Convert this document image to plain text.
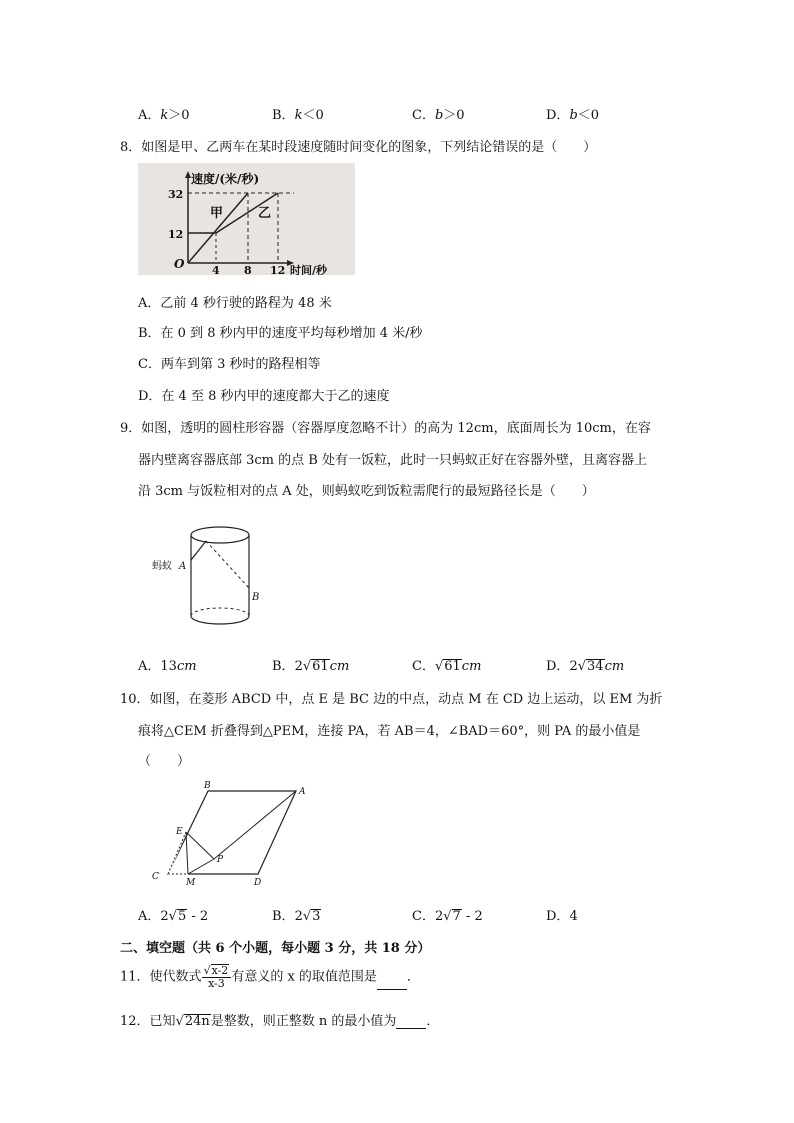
A．k＞0	B．k＜0	C．b＞0	D．b＜0
8．如图是甲、乙两车在某时段速度随时间变化的图象，下列结论错误的是（　　）
速度/(米/秒)
32
12
O	4 8 12 时间/秒
甲	乙
A．乙前 4 秒行驶的路程为 48 米
B．在 0 到 8 秒内甲的速度平均每秒增加 4 米/秒
C．两车到第 3 秒时的路程相等
D．在 4 至 8 秒内甲的速度都大于乙的速度
9．如图，透明的圆柱形容器（容器厚度忽略不计）的高为 12cm，底面周长为 10cm，在容
器内壁离容器底部 3cm 的点 B 处有一饭粒，此时一只蚂蚁正好在容器外壁，且离容器上
沿 3cm 与饭粒相对的点 A 处，则蚂蚁吃到饭粒需爬行的最短路径长是（　　）
蚂蚁 A
B
A．13cm	B．2√61cm	C．√61cm	D．2√34cm
10．如图，在菱形 ABCD 中，点 E 是 BC 边的中点，动点 M 在 CD 边上运动，以 EM 为折
痕将△CEM 折叠得到△PEM，连接 PA，若 AB＝4，∠BAD＝60°，则 PA 的最小值是
（　　）
B
A
E
P
C
M	D
A．2√5 - 2	B．2√3	C．2√7 - 2	D．4
二、填空题（共 6 个小题，每小题 3 分，共 18 分）
11．使代数式 $\frac{√x-2}{x-3}$ 有意义的 x 的取值范围是 ．
12．已知√24n是整数，则正整数 n 的最小值为 ．
